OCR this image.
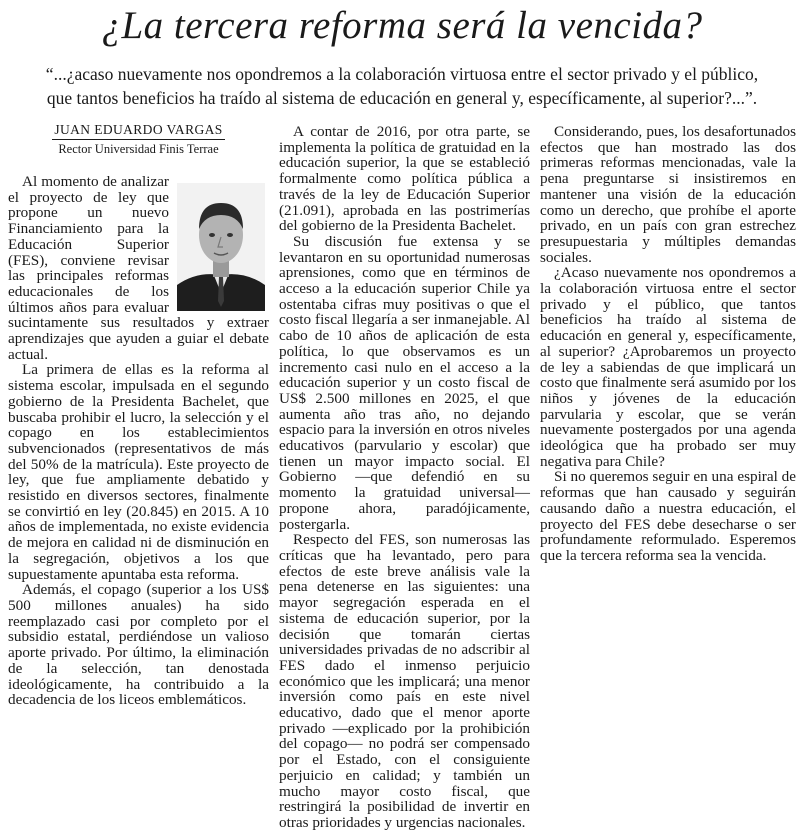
¿La tercera reforma será la vencida?
“...¿acaso nuevamente nos opondremos a la colaboración virtuosa entre el sector privado y el público,
que tantos beneficios ha traído al sistema de educación en general y, específicamente, al superior?...”.
JUAN EDUARDO VARGAS
Rector Universidad Finis Terrae

Al momento de analizar el proyecto de ley que propone un nuevo Financiamiento para la Educación Superior (FES), conviene revisar las principales reformas educacionales de los últimos años para evaluar sucintamente sus resultados y extraer aprendizajes que ayuden a guiar el debate actual.

La primera de ellas es la reforma al sistema escolar, impulsada en el segundo gobierno de la Presidenta Bachelet, que buscaba prohibir el lucro, la selección y el copago en los establecimientos subvencionados (representativos de más del 50% de la matrícula). Este proyecto de ley, que fue ampliamente debatido y resistido en diversos sectores, finalmente se convirtió en ley (20.845) en 2015. A 10 años de implementada, no existe evidencia de mejora en calidad ni de disminución en la segregación, objetivos a los que supuestamente apuntaba esta reforma.

Además, el copago (superior a los US$ 500 millones anuales) ha sido reemplazado casi por completo por el subsidio estatal, perdiéndose un valioso aporte privado. Por último, la eliminación de la selección, tan denostada ideológicamente, ha contribuido a la decadencia de los liceos emblemáticos.

A contar de 2016, por otra parte, se implementa la política de gratuidad en la educación superior, la que se estableció formalmente como política pública a través de la ley de Educación Superior (21.091), aprobada en las postrimerías del gobierno de la Presidenta Bachelet.

Su discusión fue extensa y se levantaron en su oportunidad numerosas aprensiones, como que en términos de acceso a la educación superior Chile ya ostentaba cifras muy positivas o que el costo fiscal llegaría a ser inmanejable. Al cabo de 10 años de aplicación de esta política, lo que observamos es un incremento casi nulo en el acceso a la educación superior y un costo fiscal de US$ 2.500 millones en 2025, el que aumenta año tras año, no dejando espacio para la inversión en otros niveles educativos (parvulario y escolar) que tienen un mayor impacto social. El Gobierno —que defendió en su momento la gratuidad universal— propone ahora, paradójicamente, postergarla.

Respecto del FES, son numerosas las críticas que ha levantado, pero para efectos de este breve análisis vale la pena detenerse en las siguientes: una mayor segregación esperada en el sistema de educación superior, por la decisión que tomarán ciertas universidades privadas de no adscribir al FES dado el inmenso perjuicio económico que les implicará; una menor inversión como país en este nivel educativo, dado que el menor aporte privado —explicado por la prohibición del copago— no podrá ser compensado por el Estado, con el consiguiente perjuicio en calidad; y también un mucho mayor costo fiscal, que restringirá la posibilidad de invertir en otras prioridades y urgencias nacionales.

Considerando, pues, los desafortunados efectos que han mostrado las dos primeras reformas mencionadas, vale la pena preguntarse si insistiremos en mantener una visión de la educación como un derecho, que prohíbe el aporte privado, en un país con gran estrechez presupuestaria y múltiples demandas sociales.

¿Acaso nuevamente nos opondremos a la colaboración virtuosa entre el sector privado y el público, que tantos beneficios ha traído al sistema de educación en general y, específicamente, al superior? ¿Aprobaremos un proyecto de ley a sabiendas de que implicará un costo que finalmente será asumido por los niños y jóvenes de la educación parvularia y escolar, que se verán nuevamente postergados por una agenda ideológica que ha probado ser muy negativa para Chile?

Si no queremos seguir en una espiral de reformas que han causado y seguirán causando daño a nuestra educación, el proyecto del FES debe desecharse o ser profundamente reformulado. Esperemos que la tercera reforma sea la vencida.
